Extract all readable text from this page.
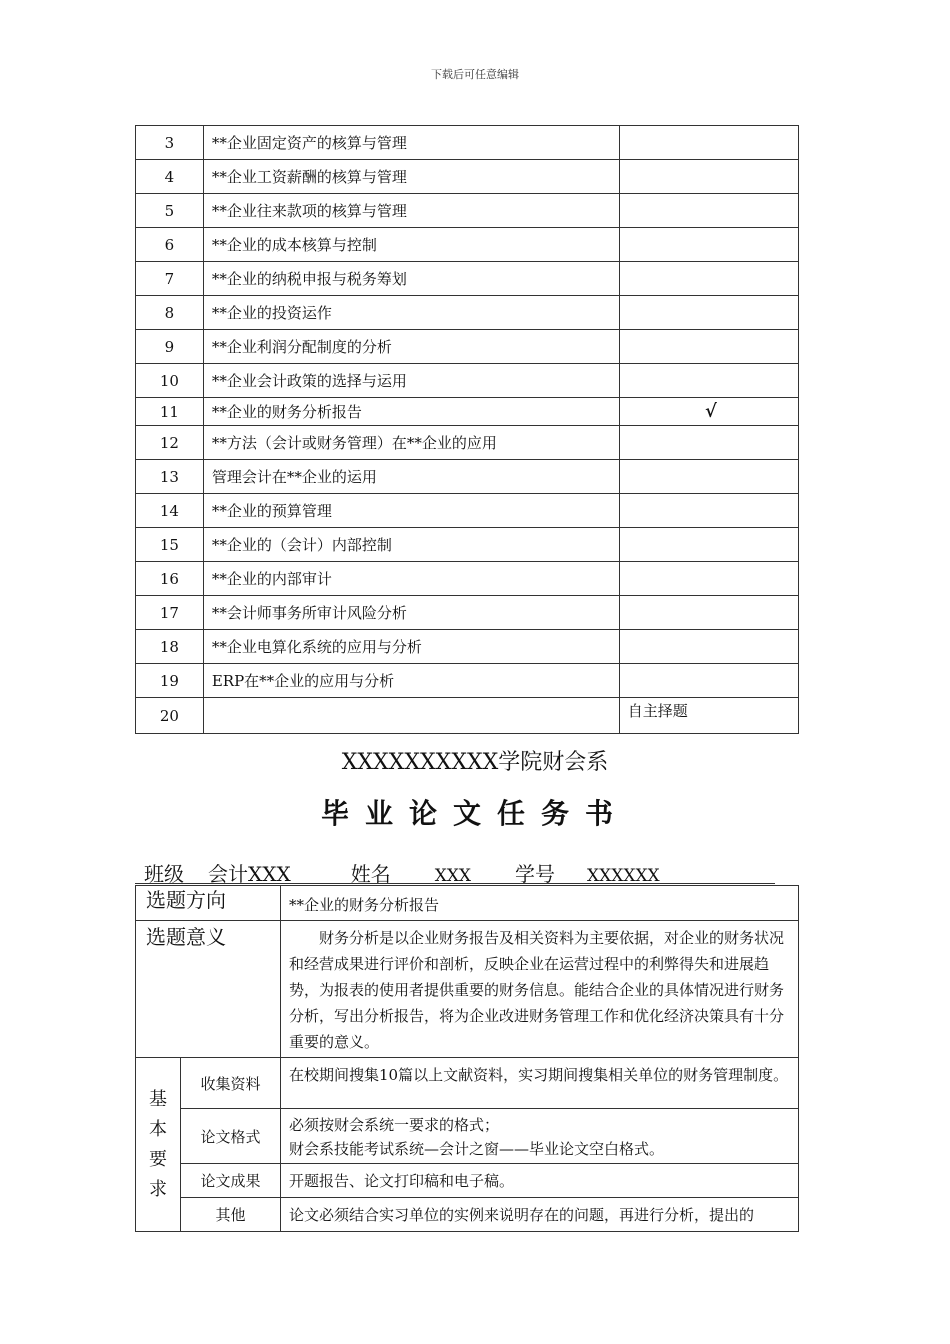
下载后可任意编辑
3	**企业固定资产的核算与管理	
4	**企业工资薪酬的核算与管理	
5	**企业往来款项的核算与管理	
6	**企业的成本核算与控制	
7	**企业的纳税申报与税务筹划	
8	**企业的投资运作	
9	**企业利润分配制度的分析	
10	**企业会计政策的选择与运用	
11	**企业的财务分析报告	√

12	**方法（会计或财务管理）在**企业的应用	
13	管理会计在**企业的运用	
14	**企业的预算管理	
15	**企业的（会计）内部控制	
16	**企业的内部审计	
17	**会计师事务所审计风险分析	
18	**企业电算化系统的应用与分析	
19	ERP在**企业的应用与分析	
20		自主择题
XXXXXXXXXX学院财会系
毕业论文任务书
班级 会计XXX	姓名	XXX 学号 XXXXXX
选题方向		**企业的财务分析报告
选题意义		财务分析是以企业财务报告及相关资料为主要依据，对企业的财务状况和经营成果进行评价和剖析，反映企业在运营过程中的利弊得失和进展趋势，为报表的使用者提供重要的财务信息。能结合企业的具体情况进行财务分析，写出分析报告，将为企业改进财务管理工作和优化经济决策具有十分重要的意义。
基本要求	收集资料	在校期间搜集10篇以上文献资料，实习期间搜集相关单位的财务管理制度。
	论文格式	必须按财会系统一要求的格式；
财会系技能考试系统—会计之窗——毕业论文空白格式。

	论文成果	开题报告、论文打印稿和电子稿。
	其他	论文必须结合实习单位的实例来说明存在的问题，再进行分析，提出的
